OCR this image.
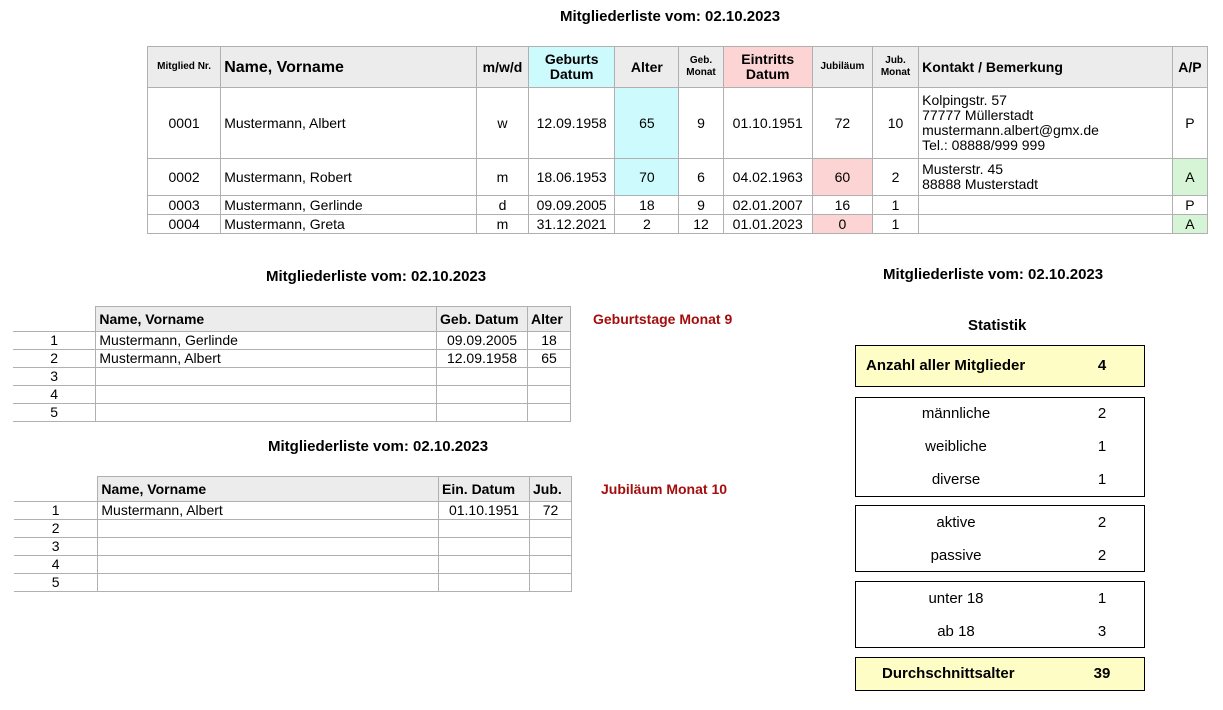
Mitgliederliste vom: 02.10.2023
Mitglied Nr.	Name, Vorname	m/w/d	Geburts Datum	Alter	Geb. Monat	Eintritts Datum	Jubiläum	Jub. Monat	Kontakt / Bemerkung	A/P
0001	Mustermann, Albert	w	12.09.1958	65	9	01.10.1951	72	10	Kolpingstr. 57
77777 Müllerstadt
mustermann.albert@gmx.de
Tel.: 08888/999 999	P
0002	Mustermann, Robert	m	18.06.1953	70	6	04.02.1963	60	2	Musterstr. 45
88888 Musterstadt	A
0003	Mustermann, Gerlinde	d	09.09.2005	18	9	02.01.2007	16	1		P
0004	Mustermann, Greta	m	31.12.2021	2	12	01.01.2023	0	1		A
Mitgliederliste vom: 02.10.2023
Geburtstage Monat 9
	Name, Vorname	Geb. Datum	Alter
1	Mustermann, Gerlinde	09.09.2005	18
2	Mustermann, Albert	12.09.1958	65
3			
4			
5			
Mitgliederliste vom: 02.10.2023
Jubiläum Monat 10
	Name, Vorname	Ein. Datum	Jub.
1	Mustermann, Albert	01.10.1951	72
2			
3			
4			
5			
Mitgliederliste vom: 02.10.2023
Statistik
Anzahl aller Mitglieder	4
männliche	2
weibliche	1
diverse	1
aktive	2
passive	2
unter 18	1
ab 18	3
Durchschnittsalter	39
